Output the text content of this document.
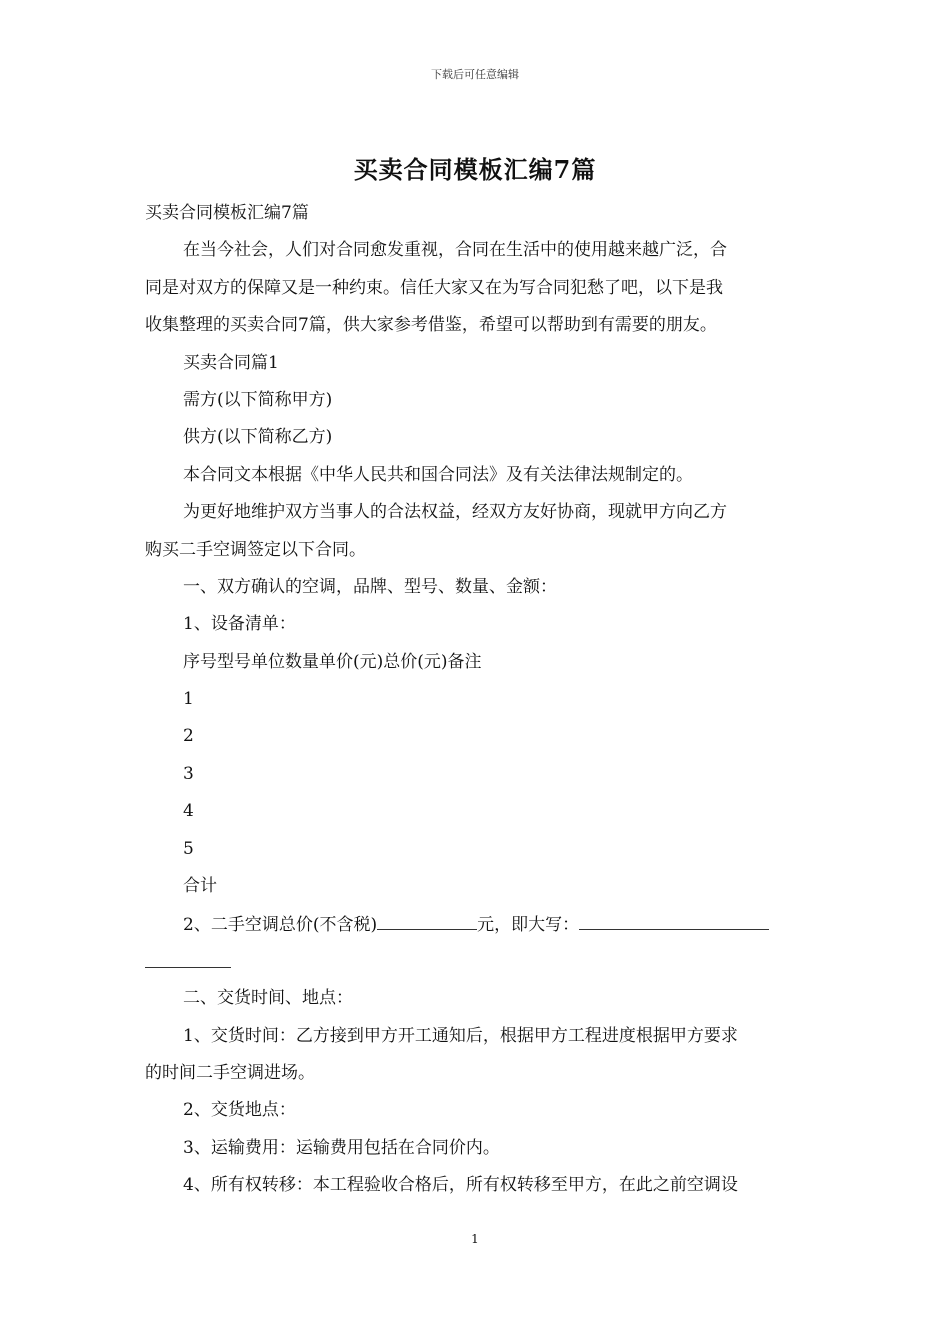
下载后可任意编辑
买卖合同模板汇编7篇
买卖合同模板汇编7篇
在当今社会，人们对合同愈发重视，合同在生活中的使用越来越广泛，合
同是对双方的保障又是一种约束。信任大家又在为写合同犯愁了吧，以下是我
收集整理的买卖合同7篇，供大家参考借鉴，希望可以帮助到有需要的朋友。
买卖合同篇1
需方(以下简称甲方)
供方(以下简称乙方)
本合同文本根据《中华人民共和国合同法》及有关法律法规制定的。
为更好地维护双方当事人的合法权益，经双方友好协商，现就甲方向乙方
购买二手空调签定以下合同。
一、双方确认的空调，品牌、型号、数量、金额：
1、设备清单：
序号型号单位数量单价(元)总价(元)备注
1
2
3
4
5
合计
2、二手空调总价(不含税)	元，即大写：
二、交货时间、地点：
1、交货时间：乙方接到甲方开工通知后，根据甲方工程进度根据甲方要求
的时间二手空调进场。
2、交货地点：
3、运输费用：运输费用包括在合同价内。
4、所有权转移：本工程验收合格后，所有权转移至甲方，在此之前空调设
1
